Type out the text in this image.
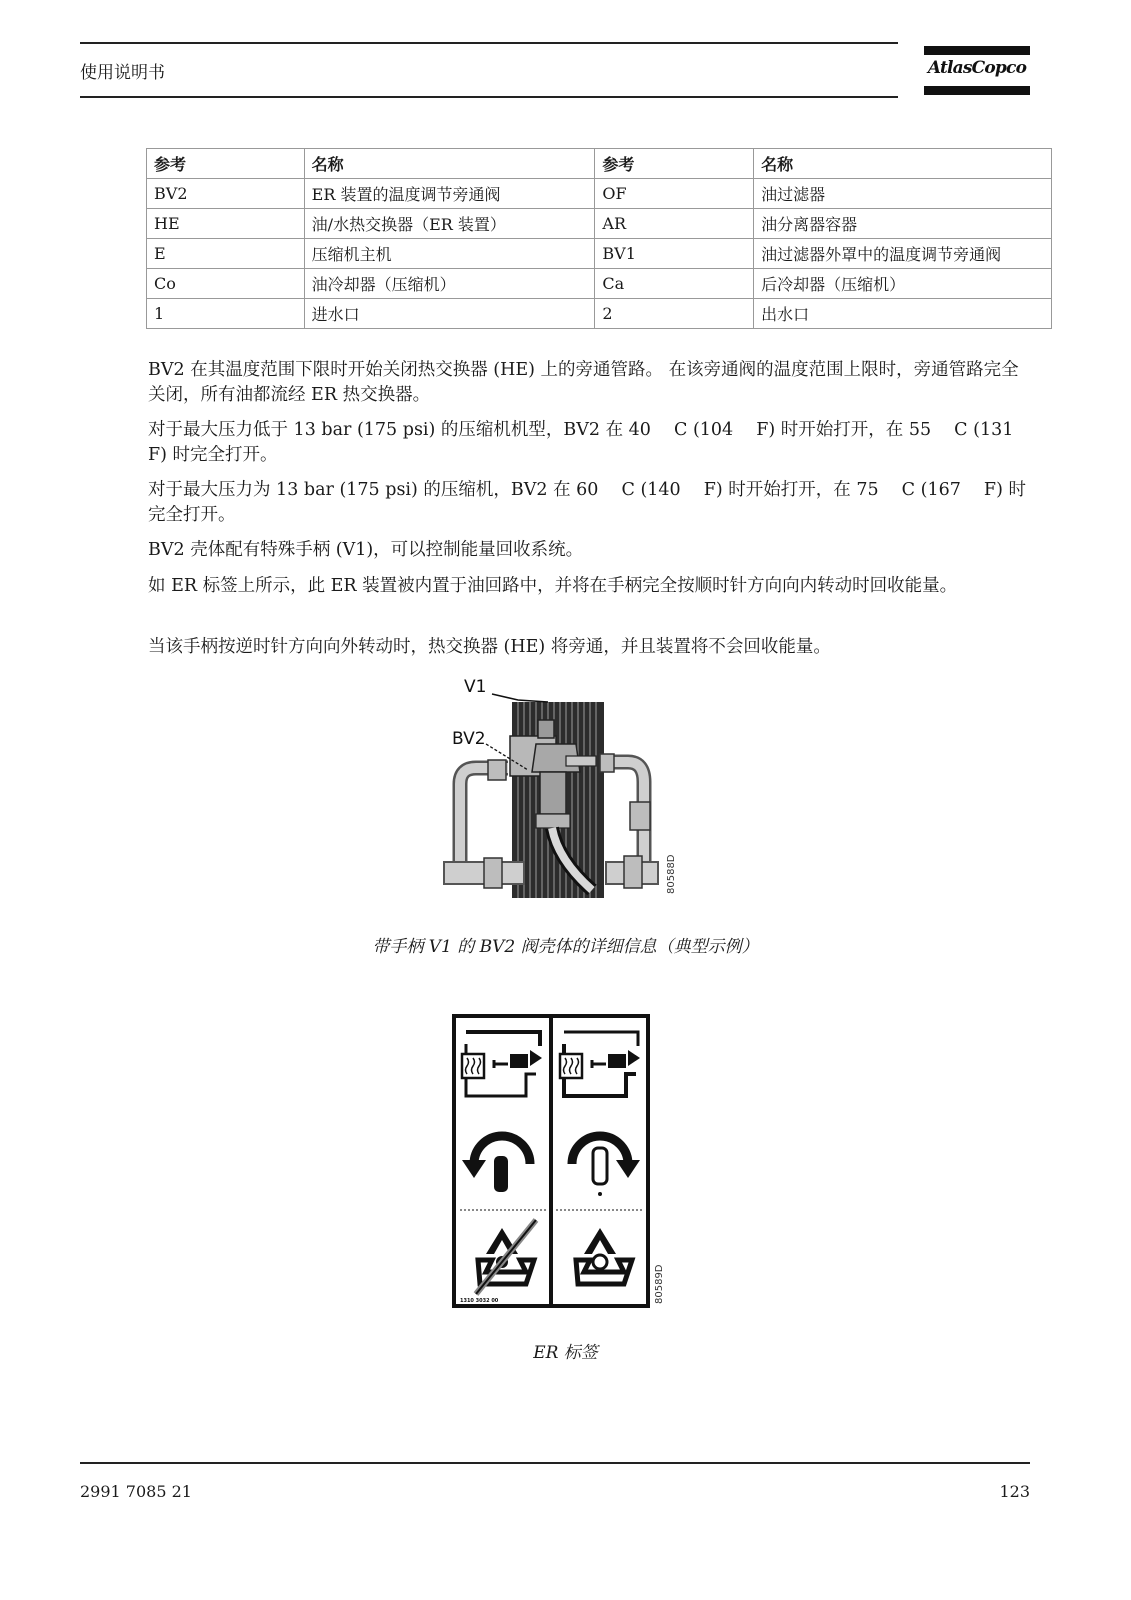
使用说明书	AtlasCopco
参考	名称	参考	名称
BV2	ER 装置的温度调节旁通阀	OF	油过滤器
HE	油/水热交换器（ER 装置）	AR	油分离器容器
E	压缩机主机	BV1	油过滤器外罩中的温度调节旁通阀
Co	油冷却器（压缩机）	Ca	后冷却器（压缩机）
1	进水口	2	出水口

BV2 在其温度范围下限时开始关闭热交换器 (HE) 上的旁通管路。 在该旁通阀的温度范围上限时，旁通管路完全关闭，所有油都流经 ER 热交换器。

对于最大压力低于 13 bar (175 psi) 的压缩机机型，BV2 在 40　 C (104　 F) 时开始打开，在 55　 C (131　 F) 时完全打开。

对于最大压力为 13 bar (175 psi) 的压缩机，BV2 在 60　 C (140　 F) 时开始打开，在 75　 C (167　 F) 时完全打开。

BV2 壳体配有特殊手柄 (V1)，可以控制能量回收系统。

如 ER 标签上所示，此 ER 装置被内置于油回路中，并将在手柄完全按顺时针方向向内转动时回收能量。

当该手柄按逆时针方向向外转动时，热交换器 (HE) 将旁通，并且装置将不会回收能量。

V1
BV2
80588D
带手柄 V1 的 BV2 阀壳体的详细信息（典型示例）
1310 3032 00	80589D
ER 标签
2991 7085 21	123
